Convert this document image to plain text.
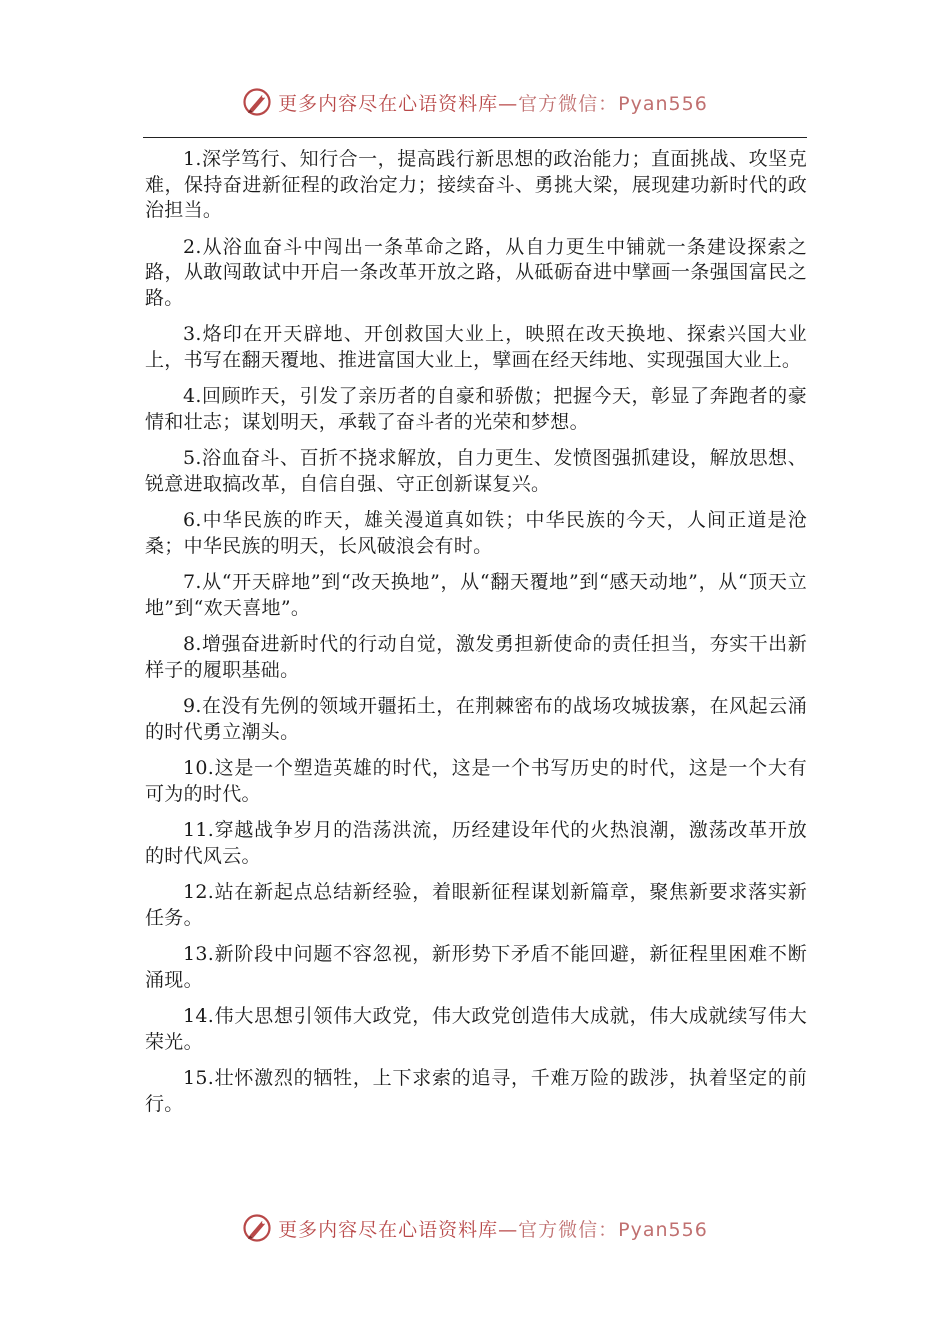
更多内容尽在心语资料库—官方微信：Pyan556

1.深学笃行、知行合一，提高践行新思想的政治能力；直面挑战、攻坚克难，保持奋进新征程的政治定力；接续奋斗、勇挑大梁，展现建功新时代的政治担当。

2.从浴血奋斗中闯出一条革命之路，从自力更生中铺就一条建设探索之路，从敢闯敢试中开启一条改革开放之路，从砥砺奋进中擘画一条强国富民之路。

3.烙印在开天辟地、开创救国大业上，映照在改天换地、探索兴国大业上，书写在翻天覆地、推进富国大业上，擘画在经天纬地、实现强国大业上。

4.回顾昨天，引发了亲历者的自豪和骄傲；把握今天，彰显了奔跑者的豪情和壮志；谋划明天，承载了奋斗者的光荣和梦想。

5.浴血奋斗、百折不挠求解放，自力更生、发愤图强抓建设，解放思想、锐意进取搞改革，自信自强、守正创新谋复兴。

6.中华民族的昨天，雄关漫道真如铁；中华民族的今天，人间正道是沧桑；中华民族的明天，长风破浪会有时。

7.从“开天辟地”到“改天换地”，从“翻天覆地”到“感天动地”，从“顶天立地”到“欢天喜地”。

8.增强奋进新时代的行动自觉，激发勇担新使命的责任担当，夯实干出新样子的履职基础。

9.在没有先例的领域开疆拓土，在荆棘密布的战场攻城拔寨，在风起云涌的时代勇立潮头。

10.这是一个塑造英雄的时代，这是一个书写历史的时代，这是一个大有可为的时代。

11.穿越战争岁月的浩荡洪流，历经建设年代的火热浪潮，激荡改革开放的时代风云。

12.站在新起点总结新经验，着眼新征程谋划新篇章，聚焦新要求落实新任务。

13.新阶段中问题不容忽视，新形势下矛盾不能回避，新征程里困难不断涌现。

14.伟大思想引领伟大政党，伟大政党创造伟大成就，伟大成就续写伟大荣光。

15.壮怀激烈的牺牲，上下求索的追寻，千难万险的跋涉，执着坚定的前行。

更多内容尽在心语资料库—官方微信：Pyan556
